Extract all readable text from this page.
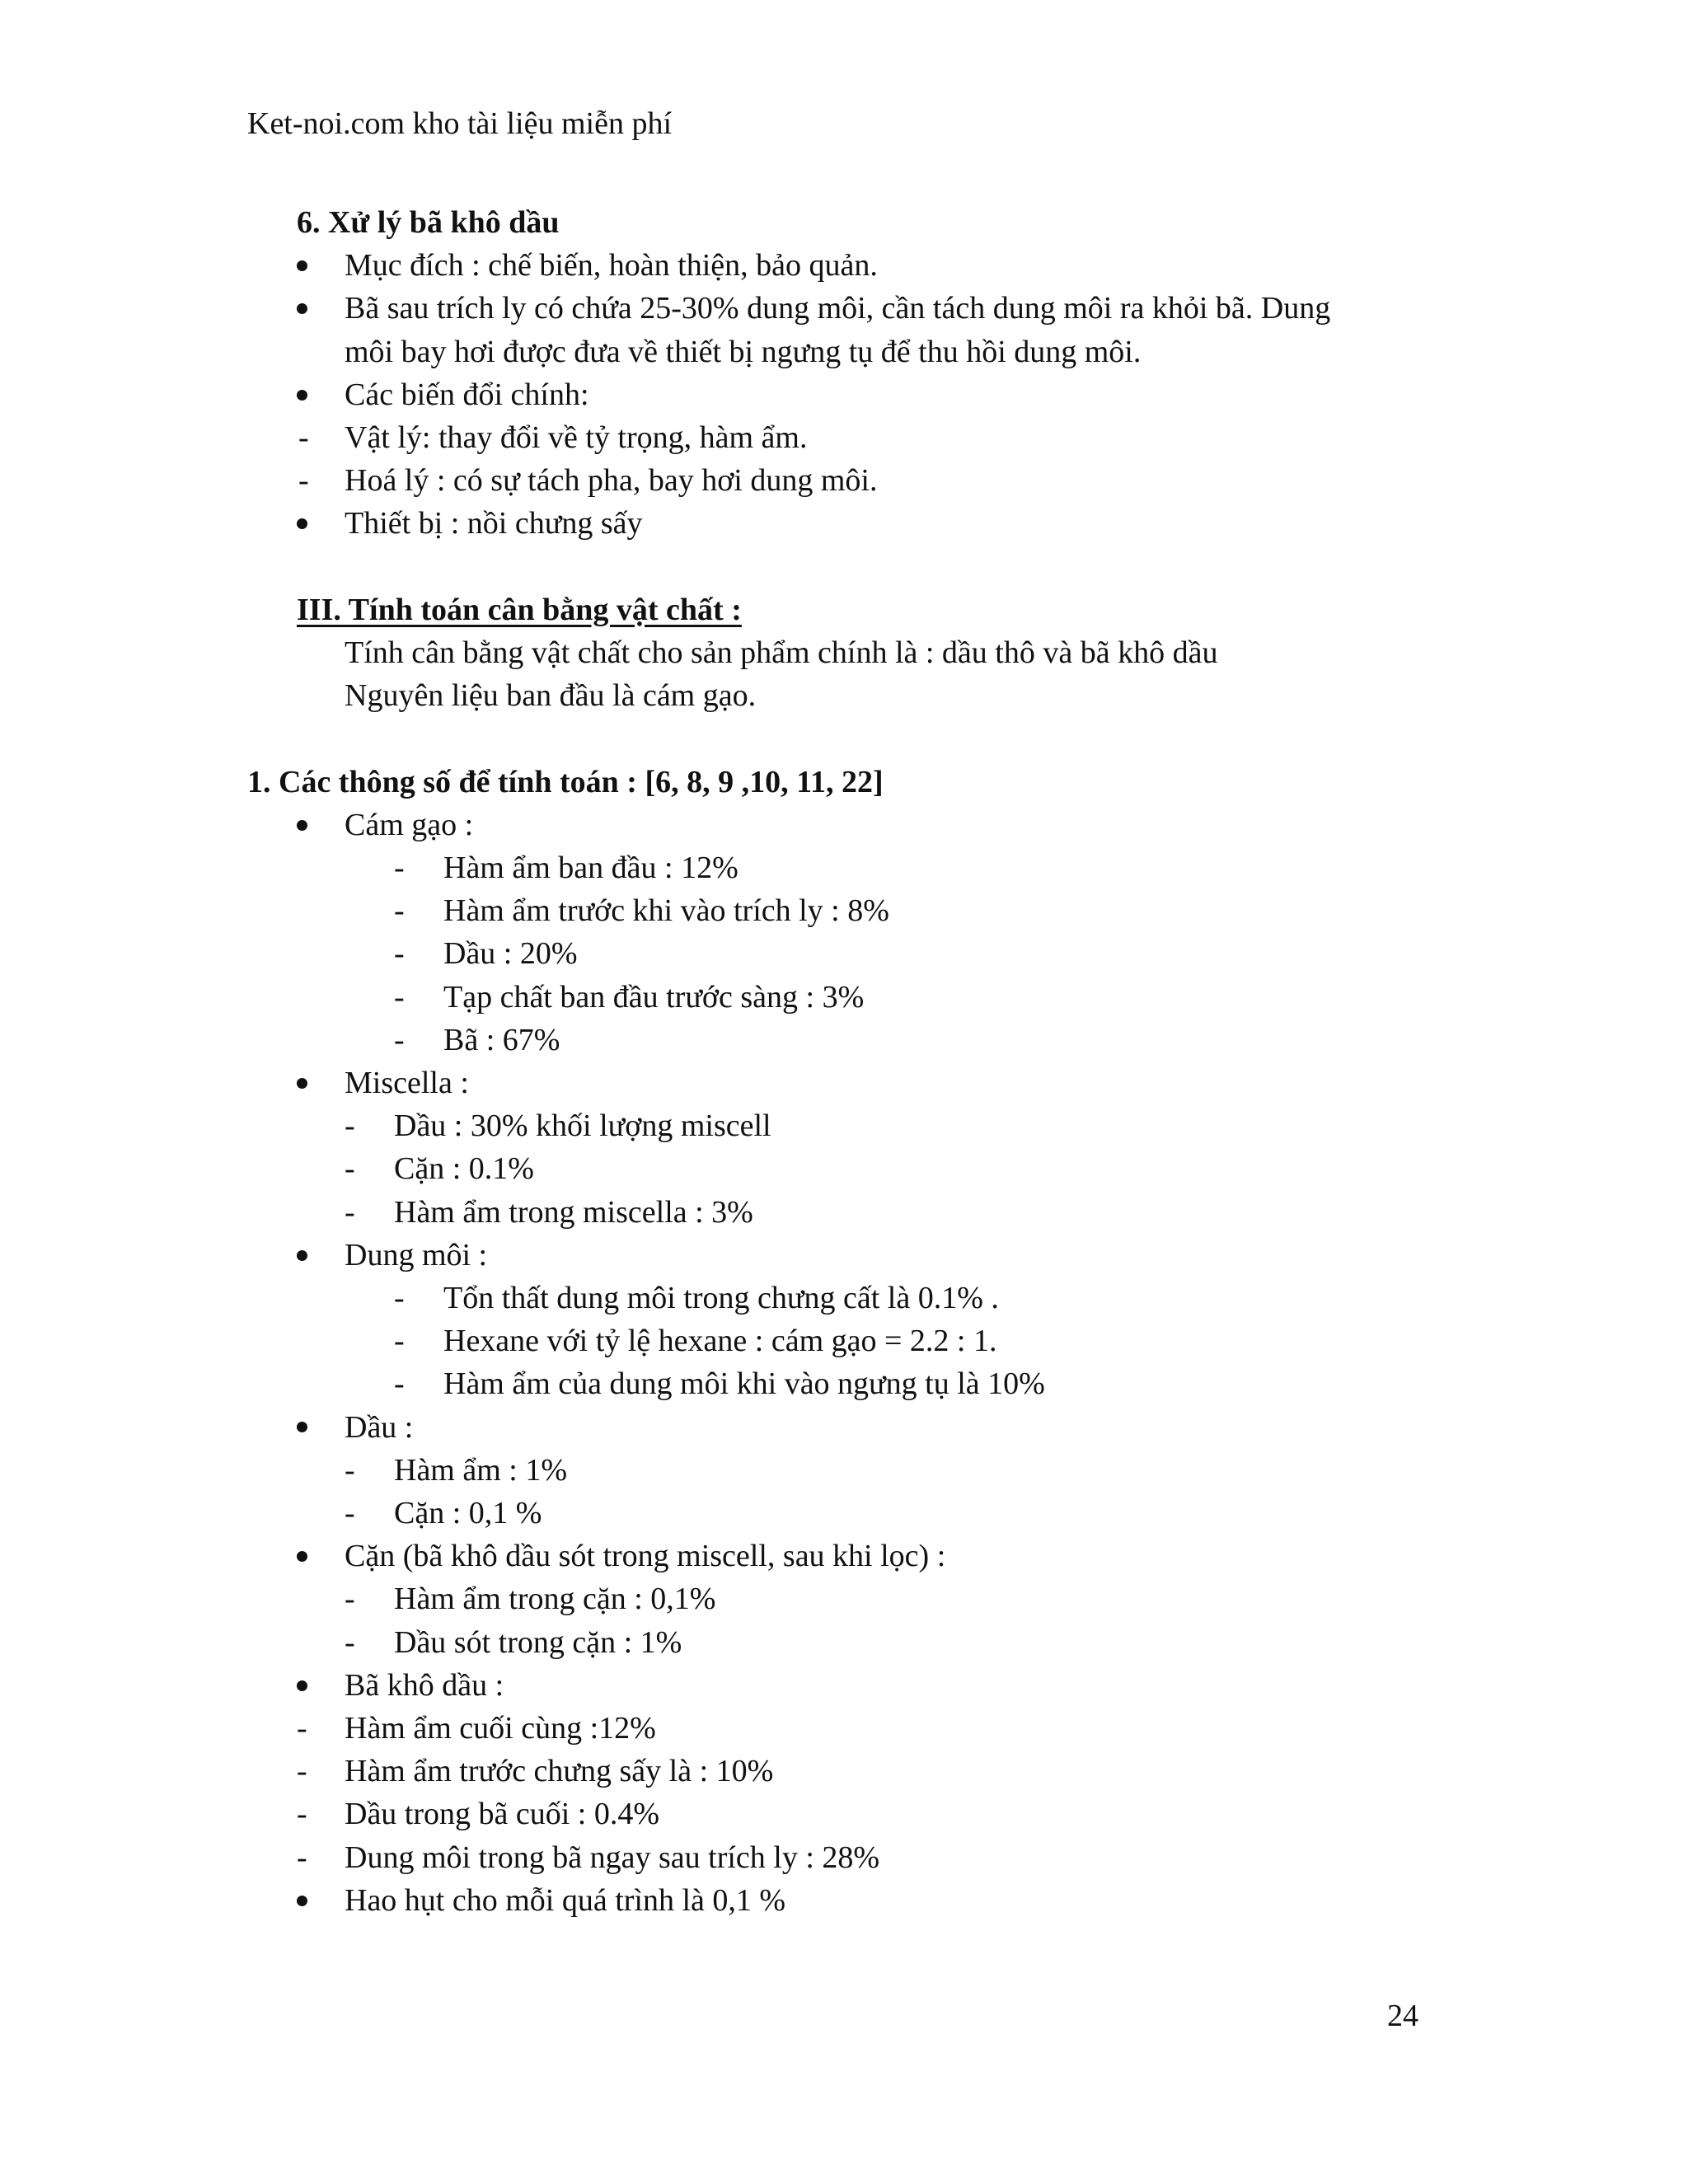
Ket-noi.com kho tài liệu miễn phí
6. Xử lý bã khô dầu
Mục đích : chế biến, hoàn thiện, bảo quản.
Bã sau trích ly có chứa 25-30% dung môi, cần tách dung môi ra khỏi bã. Dung
môi bay hơi được đưa về thiết bị ngưng tụ để thu hồi dung môi.
Các biến đổi chính:
-	Vật lý: thay đổi về tỷ trọng, hàm ẩm.
-	Hoá lý : có sự tách pha, bay hơi dung môi.
Thiết bị : nồi chưng sấy
III. Tính toán cân bằng vật chất :
Tính cân bằng vật chất cho sản phẩm chính là : dầu thô và bã khô dầu
Nguyên liệu ban đầu là cám gạo.
1. Các thông số để tính toán : [6, 8, 9 ,10, 11, 22]
Cám gạo :
-	Hàm ẩm ban đầu : 12%
-	Hàm ẩm trước khi vào trích ly : 8%
-	Dầu : 20%
-	Tạp chất ban đầu trước sàng : 3%
-	Bã : 67%
Miscella :
-	Dầu : 30% khối lượng miscell
-	Cặn : 0.1%
-	Hàm ẩm trong miscella : 3%
Dung môi :
-	Tổn thất dung môi trong chưng cất là 0.1% .
-	Hexane với tỷ lệ hexane : cám gạo = 2.2 : 1.
-	Hàm ẩm của dung môi khi vào ngưng tụ là 10%
Dầu :
-	Hàm ẩm : 1%
-	Cặn : 0,1 %
Cặn (bã khô dầu sót trong miscell, sau khi lọc) :
-	Hàm ẩm trong cặn : 0,1%
-	Dầu sót trong cặn : 1%
Bã khô dầu :
-	Hàm ẩm cuối cùng :12%
-	Hàm ẩm trước chưng sấy là : 10%
-	Dầu trong bã cuối : 0.4%
-	Dung môi trong bã ngay sau trích ly : 28%
Hao hụt cho mỗi quá trình là 0,1 %
24
